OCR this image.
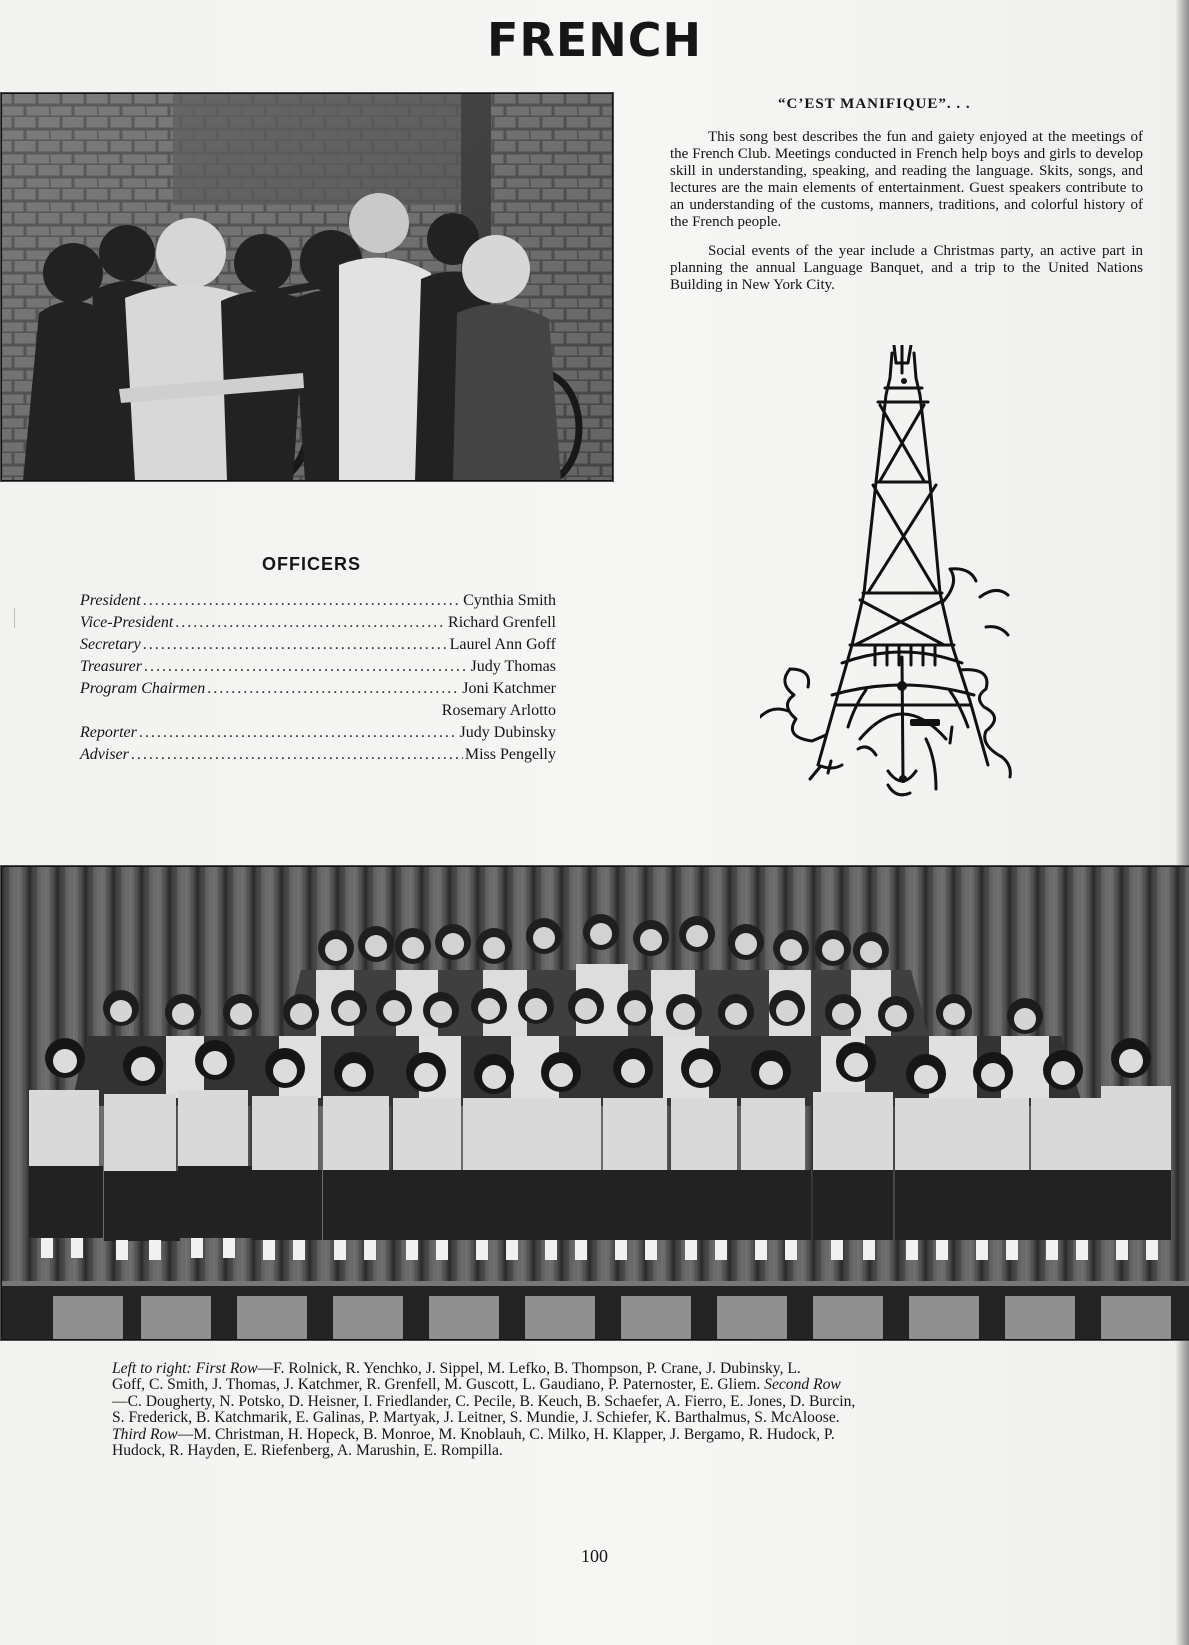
FRENCH
“C’EST MANIFIQUE”. . .

This song best describes the fun and gaiety enjoyed at the meetings of the French Club. Meetings conducted in French help boys and girls to develop skill in understanding, speaking, and reading the language. Skits, songs, and lectures are the main elements of entertainment. Guest speakers contribute to an understanding of the customs, manners, traditions, and colorful history of the French people.

Social events of the year include a Christmas party, an active part in planning the annual Language Banquet, and a trip to the United Nations Building in New York City.

OFFICERS
President .....	Cynthia Smith
Vice-President .....	Richard Grenfell
Secretary .....	Laurel Ann Goff
Treasurer .....	Judy Thomas
Program Chairmen .....	Joni Katchmer
Rosemary Arlotto
Reporter .....	Judy Dubinsky
Adviser .....	Miss Pengelly
Left to right: First Row—F. Rolnick, R. Yenchko, J. Sippel, M. Lefko, B. Thompson, P. Crane, J. Dubinsky, L.
Goff, C. Smith, J. Thomas, J. Katchmer, R. Grenfell, M. Guscott, L. Gaudiano, P. Paternoster, E. Gliem. Second Row
—C. Dougherty, N. Potsko, D. Heisner, I. Friedlander, C. Pecile, B. Keuch, B. Schaefer, A. Fierro, E. Jones, D. Burcin,
S. Frederick, B. Katchmarik, E. Galinas, P. Martyak, J. Leitner, S. Mundie, J. Schiefer, K. Barthalmus, S. McAloose.
Third Row—M. Christman, H. Hopeck, B. Monroe, M. Knoblauh, C. Milko, H. Klapper, J. Bergamo, R. Hudock, P.
Hudock, R. Hayden, E. Riefenberg, A. Marushin, E. Rompilla.
100
